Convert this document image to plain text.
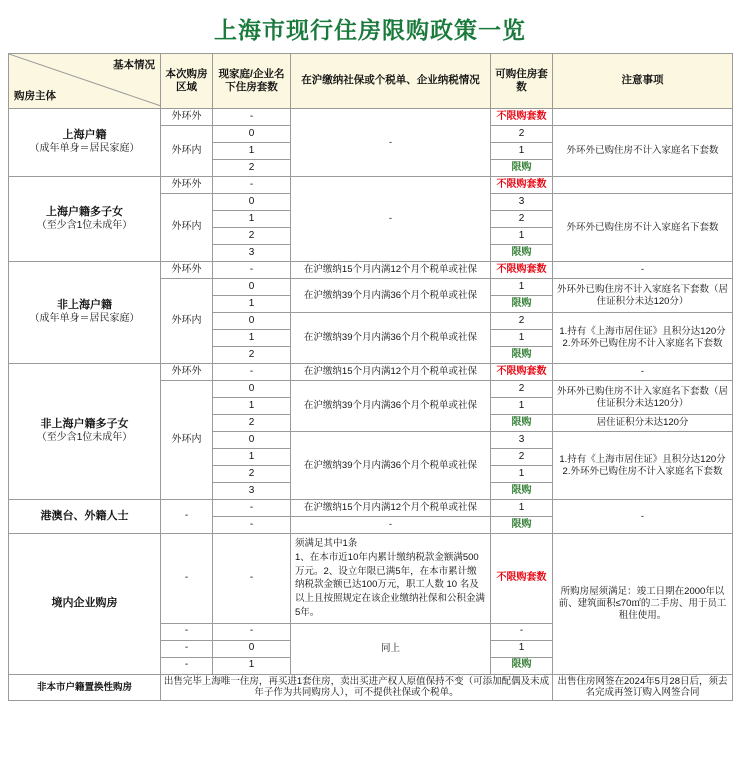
上海市现行住房限购政策一览
基本情况
购房主体	本次购房区域	现家庭/企业名下住房套数	在沪缴纳社保或个税单、企业纳税情况	可购住房套数	注意事项
上海户籍
（成年单身＝居民家庭）	外环外	-	-	不限购套数	
	外环内	0		2	外环外已购住房不计入家庭名下套数
		1		1	
		2		限购	
上海户籍多子女
（至少含1位未成年）	外环外	-	-	不限购套数	
	外环内	0		3	外环外已购住房不计入家庭名下套数
		1		2	
		2		1	
		3		限购	
非上海户籍
（成年单身＝居民家庭）	外环外	-	在沪缴纳15个月内满12个月个税单或社保	不限购套数	-
	外环内	0	在沪缴纳39个月内满36个月个税单或社保	1	外环外已购住房不计入家庭名下套数（居住证积分未达120分）
		1		限购	
		0	在沪缴纳39个月内满36个月个税单或社保	2	1.持有《上海市居住证》且积分达120分
2.外环外已购住房不计入家庭名下套数
		1		1	
		2		限购	
非上海户籍多子女
（至少含1位未成年）	外环外	-	在沪缴纳15个月内满12个月个税单或社保	不限购套数	-
	外环内	0	在沪缴纳39个月内满36个月个税单或社保	2	外环外已购住房不计入家庭名下套数（居住证积分未达120分）
		1		1	
		2		限购	居住证积分未达120分
		0	在沪缴纳39个月内满36个月个税单或社保	3	1.持有《上海市居住证》且积分达120分
2.外环外已购住房不计入家庭名下套数
		1		2	
		2		1	
		3		限购	
港澳台、外籍人士	-	-	在沪缴纳15个月内满12个月个税单或社保	1	-
		-	-	限购	
境内企业购房	-	-	须满足其中1条
1、在本市近10年内累计缴纳税款金额满500万元。2、设立年限已满5年，在本市累计缴纳税款金额已达100万元，职工人数 10 名及以上且按照规定在该企业缴纳社保和公积金满5年。	不限购套数	所购房屋须满足：竣工日期在2000年以前、建筑面积≤70㎡的二手房、用于员工租住使用。
	-	-	同上	-	
	-	0		1	
	-	1		限购	
非本市户籍置换性购房	出售完毕上海唯一住房，再买进1套住房，卖出买进产权人原值保持不变（可添加配偶及未成年子作为共同购房人），可不提供社保或个税单。				出售住房网签在2024年5月28日后，须去名完成再签订购入网签合同
